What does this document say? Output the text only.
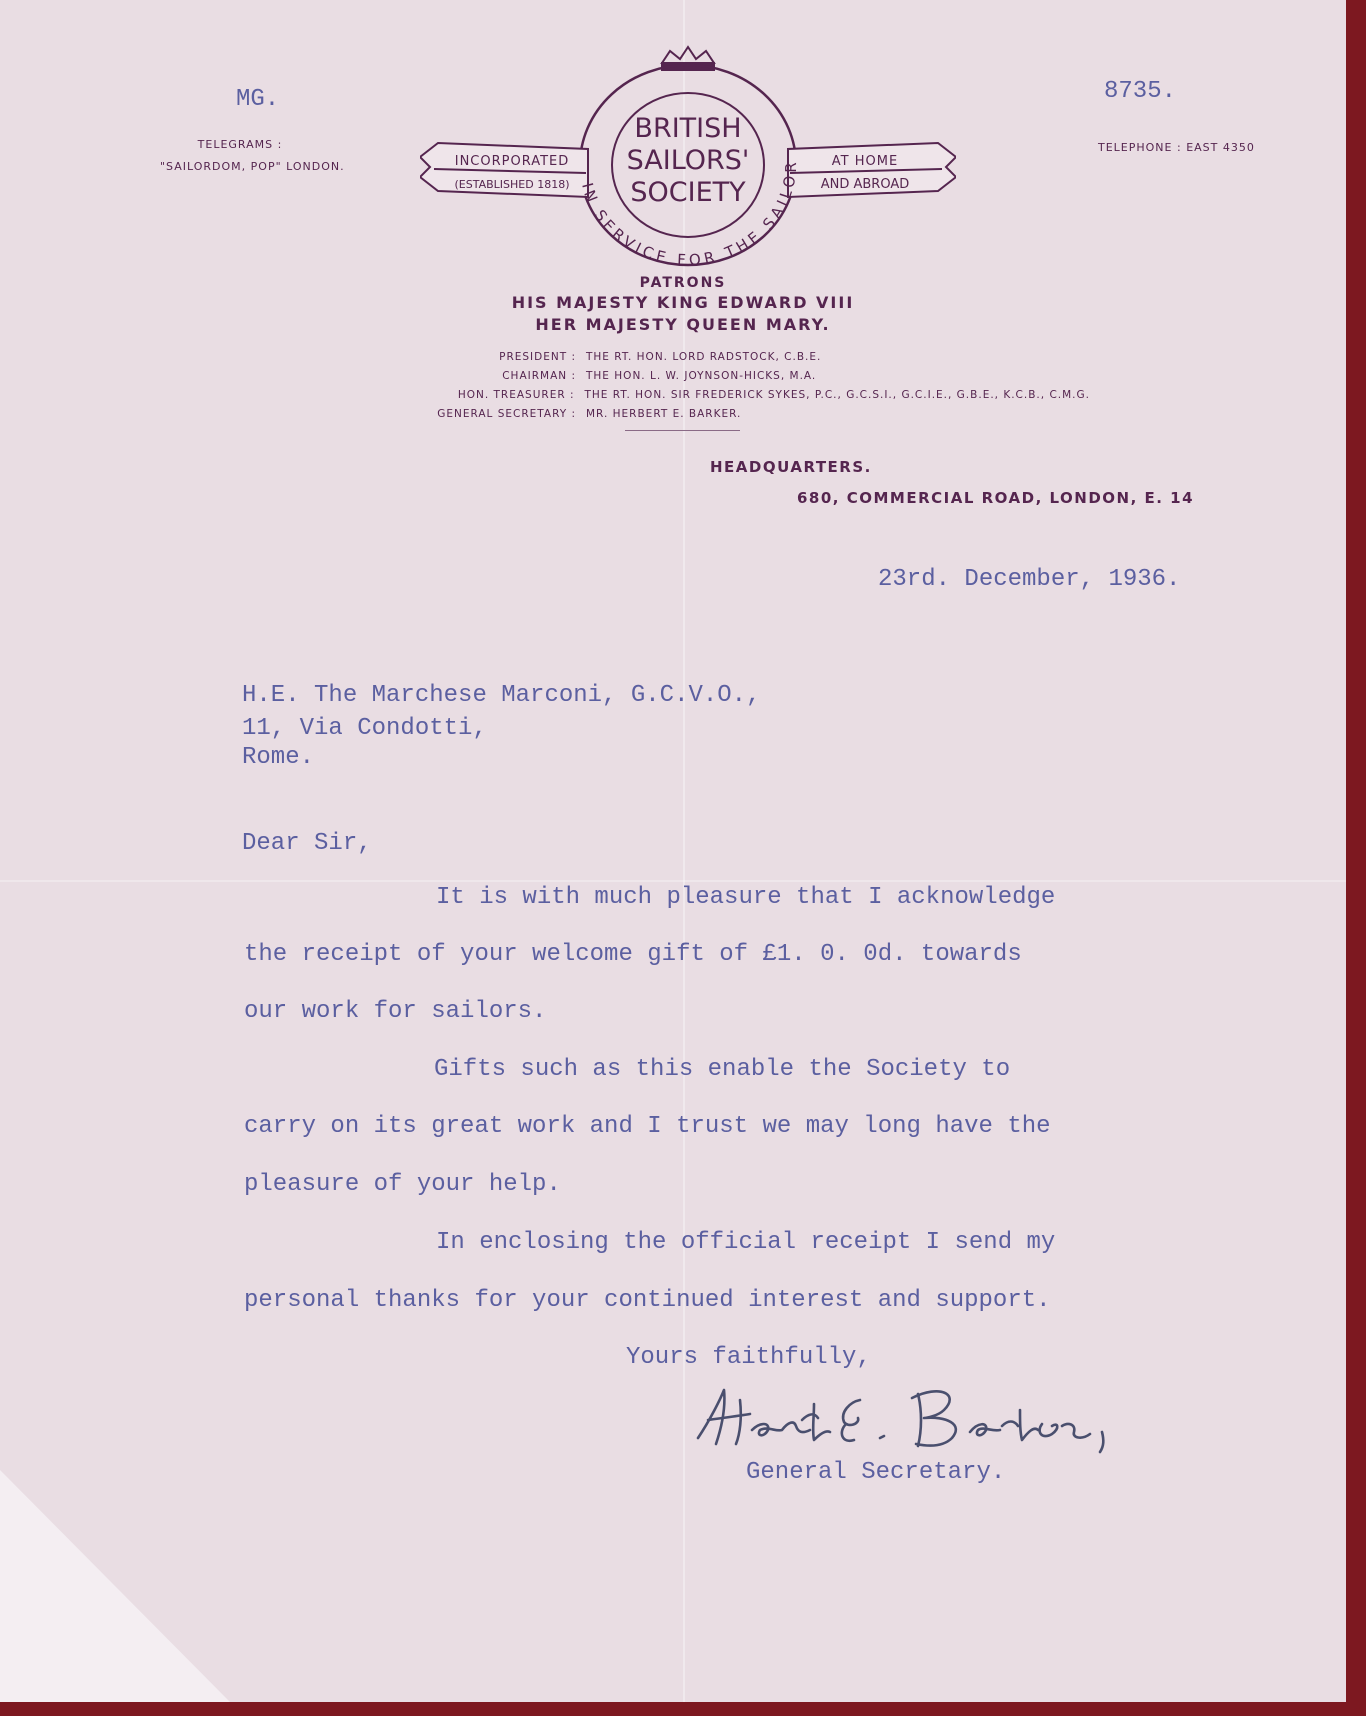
MG.	8735.
TELEGRAMS :
"SAILORDOM, POP" LONDON.
TELEPHONE : EAST 4350
INCORPORATED
(ESTABLISHED 1818)
AT HOME
AND ABROAD
IN SERVICE FOR THE SAILOR
BRITISH
SAILORS'
SOCIETY
PATRONS
HIS MAJESTY KING EDWARD VIII
HER MAJESTY QUEEN MARY.
PRESIDENT : THE RT. HON. LORD RADSTOCK, C.B.E.
CHAIRMAN : THE HON. L. W. JOYNSON-HICKS, M.A.
HON. TREASURER : THE RT. HON. SIR FREDERICK SYKES, P.C., G.C.S.I., G.C.I.E., G.B.E., K.C.B., C.M.G.
GENERAL SECRETARY : MR. HERBERT E. BARKER.
HEADQUARTERS.
680, COMMERCIAL ROAD, LONDON, E. 14
23rd. December, 1936.
H.E. The Marchese Marconi, G.C.V.O.,
11, Via Condotti,
Rome.
Dear Sir,
It is with much pleasure that I acknowledge
the receipt of your welcome gift of £1. 0. 0d. towards
our work for sailors.
Gifts such as this enable the Society to
carry on its great work and I trust we may long have the
pleasure of your help.
In enclosing the official receipt I send my
personal thanks for your continued interest and support.
Yours faithfully,
General Secretary.
